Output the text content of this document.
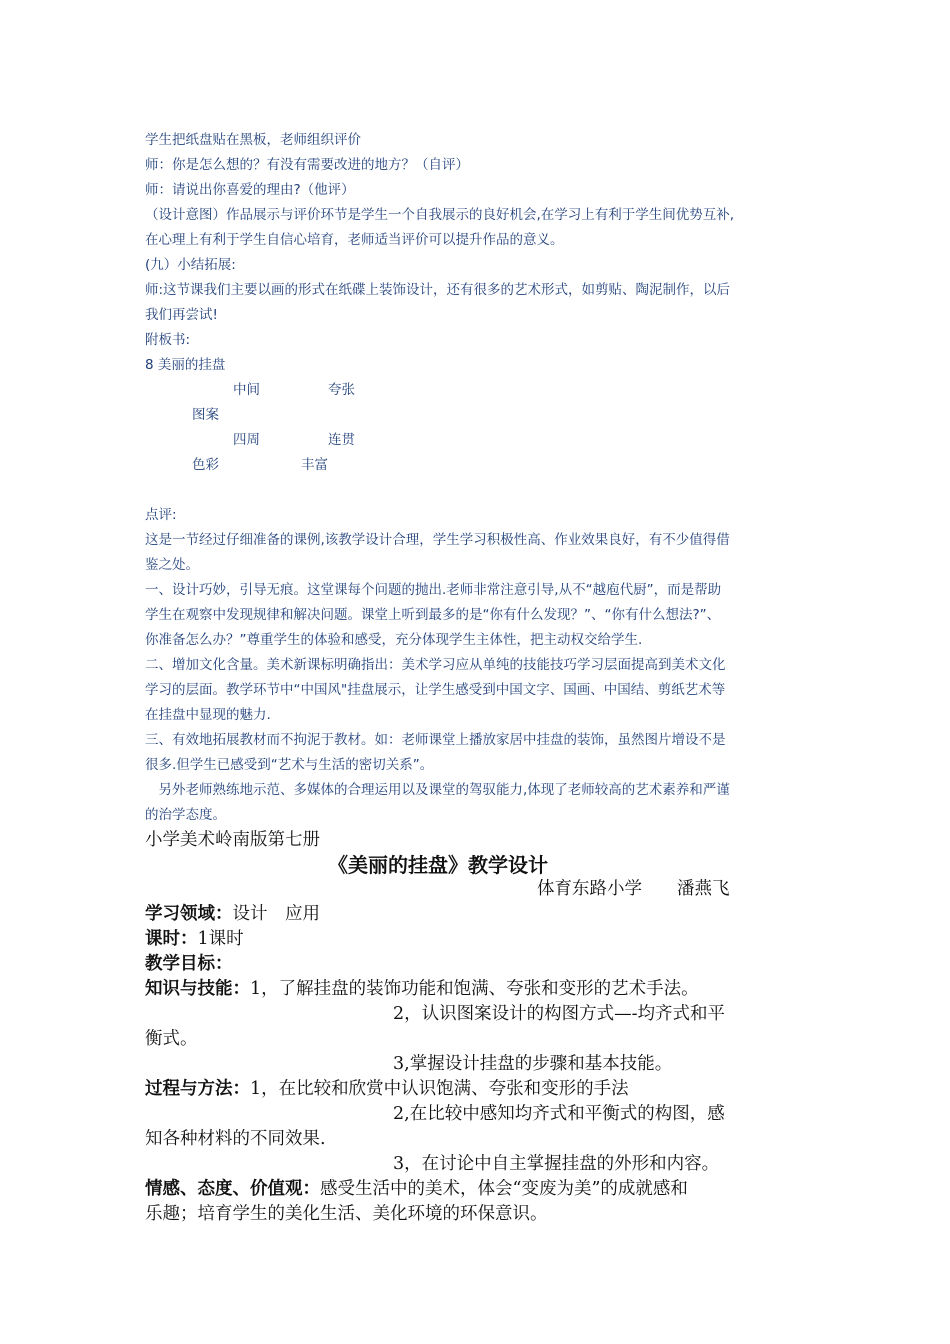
学生把纸盘贴在黑板，老师组织评价
师：你是怎么想的？有没有需要改进的地方？（自评）
师：请说出你喜爱的理由?（他评）
（设计意图）作品展示与评价环节是学生一个自我展示的良好机会,在学习上有利于学生间优势互补,
在心理上有利于学生自信心培育，老师适当评价可以提升作品的意义。
(九）小结拓展:
师:这节课我们主要以画的形式在纸碟上装饰设计，还有很多的艺术形式，如剪贴、陶泥制作，以后
我们再尝试!
附板书:
8 美丽的挂盘
中间	夸张
图案
四周	连贯
色彩	丰富
点评:
这是一节经过仔细准备的课例,该教学设计合理，学生学习积极性高、作业效果良好，有不少值得借
鉴之处。
一、设计巧妙，引导无痕。这堂课每个问题的抛出.老师非常注意引导,从不“越庖代厨”，而是帮助
学生在观察中发现规律和解决问题。课堂上听到最多的是“你有什么发现？”、“你有什么想法?”、
你准备怎么办？”尊重学生的体验和感受，充分体现学生主体性，把主动权交给学生.
二、增加文化含量。美术新课标明确指出：美术学习应从单纯的技能技巧学习层面提高到美术文化
学习的层面。教学环节中“中国风"挂盘展示，让学生感受到中国文字、国画、中国结、剪纸艺术等
在挂盘中显现的魅力.
三、有效地拓展教材而不拘泥于教材。如：老师课堂上播放家居中挂盘的装饰，虽然图片增设不是
很多.但学生已感受到“艺术与生活的密切关系”。
　另外老师熟练地示范、多媒体的合理运用以及课堂的驾驭能力,体现了老师较高的艺术素养和严谨
的治学态度。
小学美术岭南版第七册
《美丽的挂盘》教学设计
体育东路小学　　潘燕飞
学习领域：设计　应用
课时：1课时
教学目标：
知识与技能：1，了解挂盘的装饰功能和饱满、夸张和变形的艺术手法。
2，认识图案设计的构图方式—-均齐式和平
衡式。
3,掌握设计挂盘的步骤和基本技能。
过程与方法：1，在比较和欣赏中认识饱满、夸张和变形的手法
2,在比较中感知均齐式和平衡式的构图，感
知各种材料的不同效果.
3，在讨论中自主掌握挂盘的外形和内容。
情感、态度、价值观：感受生活中的美术，体会“变废为美”的成就感和
乐趣；培育学生的美化生活、美化环境的环保意识。
